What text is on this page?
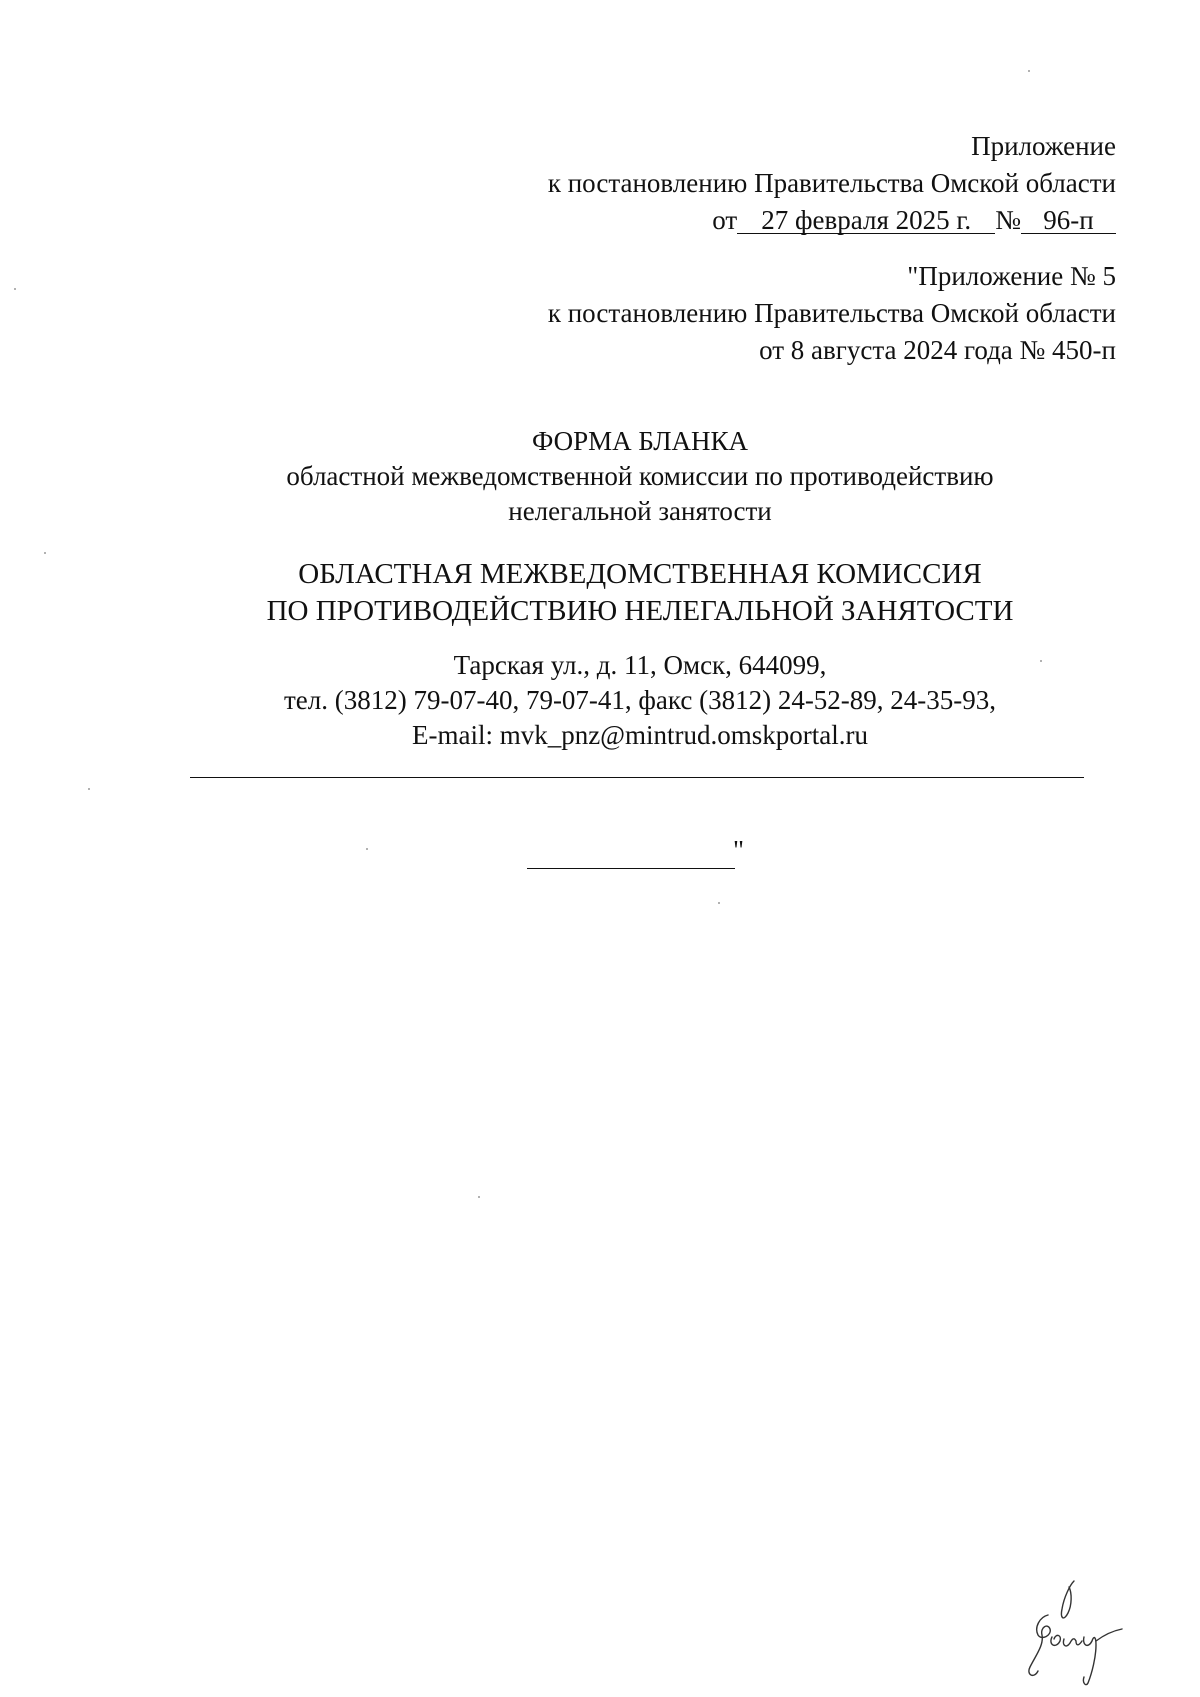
Приложение
к постановлению Правительства Омской области
от 27 февраля 2025 г. № 96-п
"Приложение № 5
к постановлению Правительства Омской области
от 8 августа 2024 года № 450-п
ФОРМА БЛАНКА
областной межведомственной комиссии по противодействию
нелегальной занятости
ОБЛАСТНАЯ МЕЖВЕДОМСТВЕННАЯ КОМИССИЯ
ПО ПРОТИВОДЕЙСТВИЮ НЕЛЕГАЛЬНОЙ ЗАНЯТОСТИ
Тарская ул., д. 11, Омск, 644099,
тел. (3812) 79-07-40, 79-07-41, факс (3812) 24-52-89, 24-35-93,
E-mail: mvk_pnz@mintrud.omskportal.ru
"
